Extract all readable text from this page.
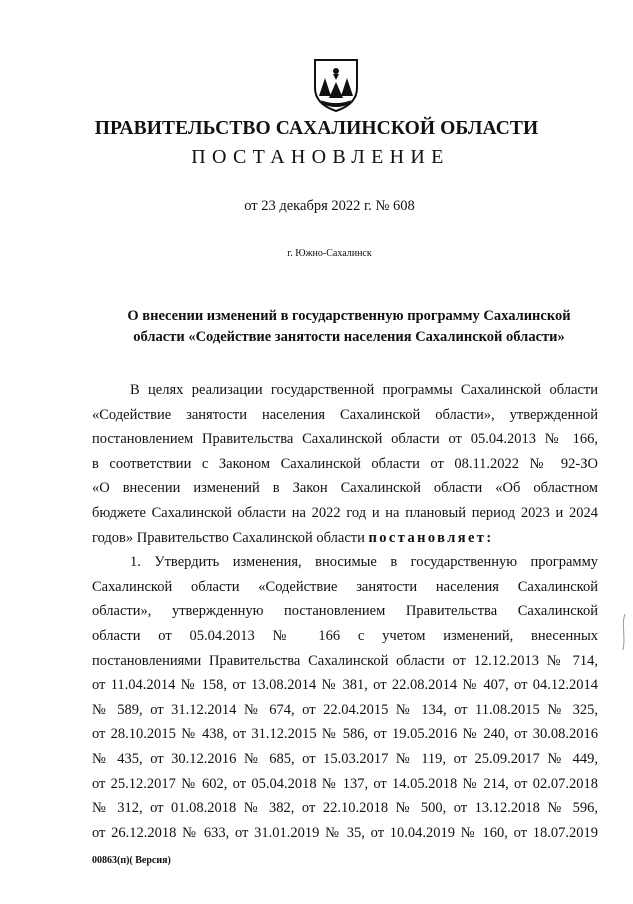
ПРАВИТЕЛЬСТВО САХАЛИНСКОЙ ОБЛАСТИ
ПОСТАНОВЛЕНИЕ
от 23 декабря 2022 г. № 608
г. Южно-Сахалинск
О внесении изменений в государственную программу Сахалинской
области «Содействие занятости населения Сахалинской области»
В целях реализации государственной программы Сахалинской области
«Содействие занятости населения Сахалинской области», утвержденной
постановлением Правительства Сахалинской области от 05.04.2013 № 166,
в соответствии с Законом Сахалинской области от 08.11.2022 № 92-ЗО
«О внесении изменений в Закон Сахалинской области «Об областном
бюджете Сахалинской области на 2022 год и на плановый период 2023 и 2024
годов» Правительство Сахалинской области постановляет:
1. Утвердить изменения, вносимые в государственную программу
Сахалинской области «Содействие занятости населения Сахалинской
области», утвержденную постановлением Правительства Сахалинской
области от 05.04.2013 № 166 с учетом изменений, внесенных
постановлениями Правительства Сахалинской области от 12.12.2013 № 714,
от 11.04.2014 № 158, от 13.08.2014 № 381, от 22.08.2014 № 407, от 04.12.2014
№ 589, от 31.12.2014 № 674, от 22.04.2015 № 134, от 11.08.2015 № 325,
от 28.10.2015 № 438, от 31.12.2015 № 586, от 19.05.2016 № 240, от 30.08.2016
№ 435, от 30.12.2016 № 685, от 15.03.2017 № 119, от 25.09.2017 № 449,
от 25.12.2017 № 602, от 05.04.2018 № 137, от 14.05.2018 № 214, от 02.07.2018
№ 312, от 01.08.2018 № 382, от 22.10.2018 № 500, от 13.12.2018 № 596,
от 26.12.2018 № 633, от 31.01.2019 № 35, от 10.04.2019 № 160, от 18.07.2019
00863(п)( Версия)
